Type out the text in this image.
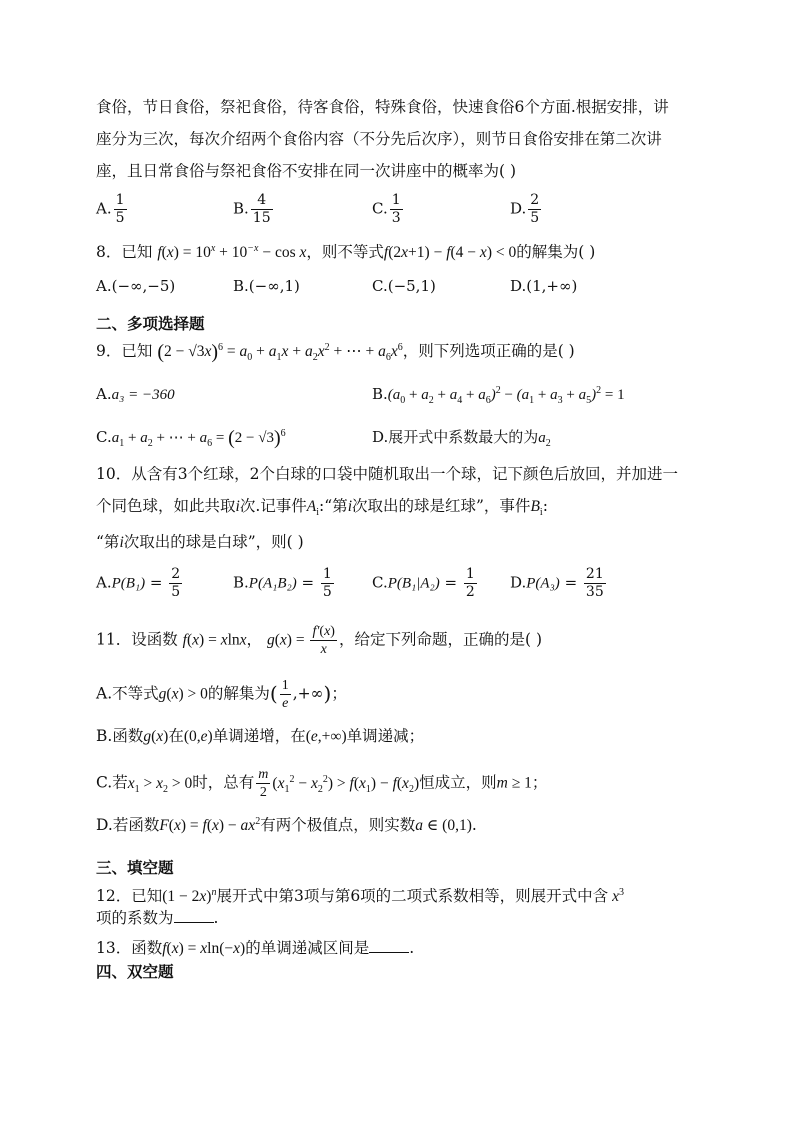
食俗，节日食俗，祭祀食俗，待客食俗，特殊食俗，快速食俗6个方面.根据安排，讲
座分为三次，每次介绍两个食俗内容（不分先后次序），则节日食俗安排在第二次讲
座，且日常食俗与祭祀食俗不安排在同一次讲座中的概率为( )
A. $\frac{1}{5}$	B. $\frac{4}{15}$	C. $\frac{1}{3}$	D. $\frac{2}{5}$
8．已知 $f(x) = 10^x + 10^{-x} - \cos x$，则不等式f(2x+1) − f(4 − x) < 0的解集为( )
A.(−∞,−5)	B.(−∞,1)	C.(−5,1)	D.(1,+∞)
二、多项选择题
9．已知 $(2 - √3x)^6 = a_0 + a_1x + a_2x^2$ + ⋯ + $a_6x^6$，则下列选项正确的是( )
A.a₃ = −360	$B.(a_0 + a_2 + a_4 + a_6)^2 - (a_1 + a_3 + a_5)^2 = 1$
$C.a_1 + a_2$ + ⋯ + $a_6 = (2 - √3)^6$	D.展开式中系数最大的为$a_2$
10．从含有3个红球，2个白球的口袋中随机取出一个球，记下颜色后放回，并加进一
个同色球，如此共取i次.记事件$A_i:“$第i次取出的球是红球”，事件$B_i$:
“第i次取出的球是白球”，则( )
$A.P(B_1) = \frac{2}{5}$	$B.P(A_1B_2) = \frac{1}{5}$	$C.P(B_1|A_2) = \frac{1}{2} D.P(A_3) = \frac{21}{35}$
11．设函数 f(x) = xlnx， $g(x) = \frac{f'(x)}{x}$ ，给定下列命题，正确的是( )
A.不等式g(x) > 0的解集为( $\frac{1}{e}$ ,+∞)；
B.函数g(x)在(0,e)单调递增，在(e,+∞)单调递减；
C.若$x_1 > x_2 > 0$时，总有 $\frac{m}{2} (x_1^2 - x_2^2) > f(x_1) - f(x_2)$恒成立，则m ≥ 1；
D.若函数$F(x) = f(x) - ax^2$有两个极值点，则实数a ∈ (0,1).
三、填空题
12．已知$(1 - 2x)^n$展开式中第3项与第6项的二项式系数相等，则展开式中含 $x^3$
项的系数为	.
13．函数f(x) = xln(−x)的单调递减区间是	.
四、双空题
